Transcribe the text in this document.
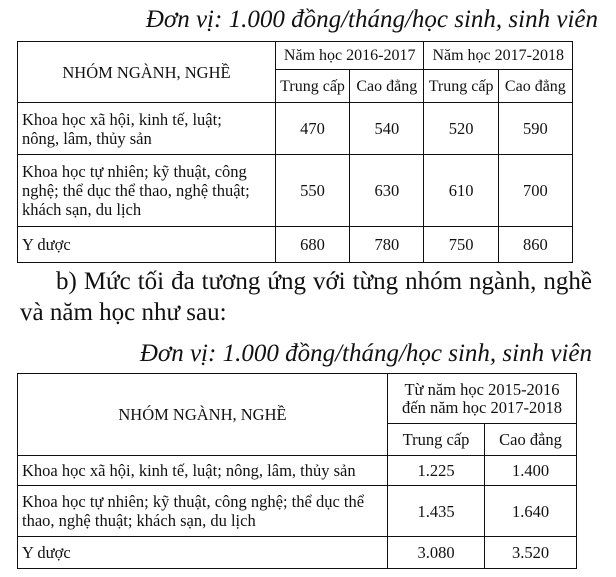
Đơn vị: 1.000 đồng/tháng/học sinh, sinh viên
NHÓM NGÀNH, NGHỀ	Năm học 2016-2017		Năm học 2017-2018	
	Trung cấp	Cao đẳng	Trung cấp	Cao đẳng
Khoa học xã hội, kinh tế, luật;
nông, lâm, thủy sản	470	540	520	590
Khoa học tự nhiên; kỹ thuật, công
nghệ; thể dục thể thao, nghệ thuật;
khách sạn, du lịch	550	630	610	700
Y dược	680	780	750	860
b) Mức tối đa tương ứng với từng nhóm ngành, nghề và năm học như sau:
Đơn vị: 1.000 đồng/tháng/học sinh, sinh viên
NHÓM NGÀNH, NGHỀ	Từ năm học 2015-2016
đến năm học 2017-2018	
	Trung cấp	Cao đẳng
Khoa học xã hội, kinh tế, luật; nông, lâm, thủy sản	1.225	1.400
Khoa học tự nhiên; kỹ thuật, công nghệ; thể dục thể
thao, nghệ thuật; khách sạn, du lịch	1.435	1.640
Y dược	3.080	3.520
